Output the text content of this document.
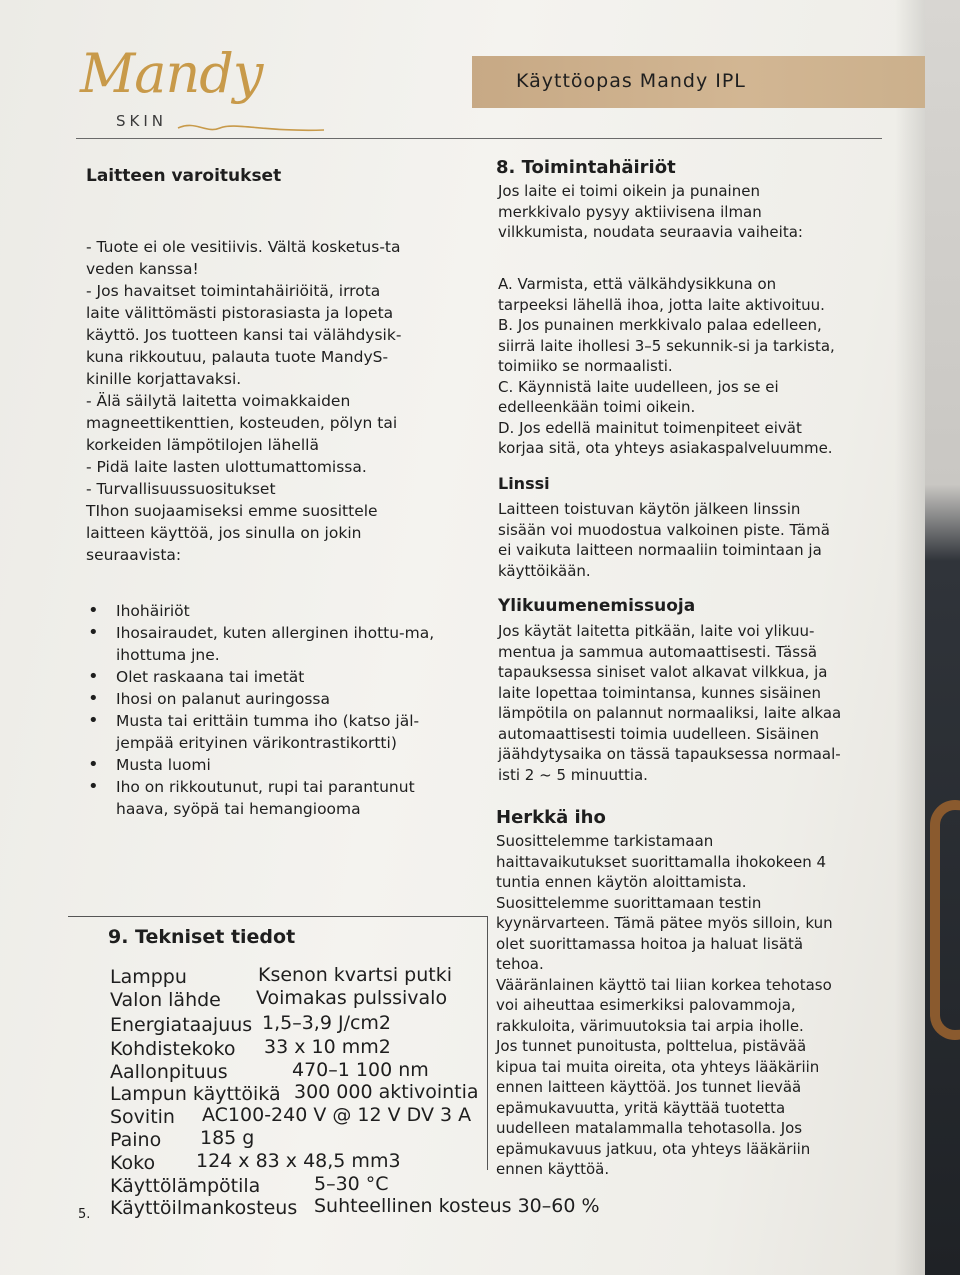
Mandy
SKIN
Käyttöopas Mandy IPL

Laitteen varoitukset

- Tuote ei ole vesitiivis. Vältä kosketus-ta

veden kanssa!

- Jos havaitset toimintahäiriöitä, irrota

laite välittömästi pistorasiasta ja lopeta

käyttö. Jos tuotteen kansi tai välähdysik-

kuna rikkoutuu, palauta tuote MandyS-

kinille korjattavaksi.

- Älä säilytä laitetta voimakkaiden

magneettikenttien, kosteuden, pölyn tai

korkeiden lämpötilojen lähellä

- Pidä laite lasten ulottumattomissa.

- Turvallisuussuositukset

TIhon suojaamiseksi emme suosittele

laitteen käyttöä, jos sinulla on jokin

seuraavista:

• Ihohäiriöt
• Ihosairaudet, kuten allerginen ihottu-ma, ihottuma jne.
• Olet raskaana tai imetät
• Ihosi on palanut auringossa
• Musta tai erittäin tumma iho (katso jäl-jempää erityinen värikontrastikortti)
• Musta luomi
• Iho on rikkoutunut, rupi tai parantunut haava, syöpä tai hemangiooma

8. Toimintahäiriöt

Jos laite ei toimi oikein ja punainen

merkkivalo pysyy aktiivisena ilman

vilkkumista, noudata seuraavia vaiheita:

A. Varmista, että välkähdysikkuna on

tarpeeksi lähellä ihoa, jotta laite aktivoituu.

B. Jos punainen merkkivalo palaa edelleen,

siirrä laite ihollesi 3–5 sekunnik-si ja tarkista,

toimiiko se normaalisti.

C. Käynnistä laite uudelleen, jos se ei

edelleenkään toimi oikein.

D. Jos edellä mainitut toimenpiteet eivät

korjaa sitä, ota yhteys asiakaspalveluumme.

Linssi

Laitteen toistuvan käytön jälkeen linssin

sisään voi muodostua valkoinen piste. Tämä

ei vaikuta laitteen normaaliin toimintaan ja

käyttöikään.

Ylikuumenemissuoja

Jos käytät laitetta pitkään, laite voi ylikuu-

mentua ja sammua automaattisesti. Tässä

tapauksessa siniset valot alkavat vilkkua, ja

laite lopettaa toimintansa, kunnes sisäinen

lämpötila on palannut normaaliksi, laite alkaa

automaattisesti toimia uudelleen. Sisäinen

jäähdytysaika on tässä tapauksessa normaal-

isti 2 ~ 5 minuuttia.

Herkkä iho

Suosittelemme tarkistamaan

haittavaikutukset suorittamalla ihokokeen 4

tuntia ennen käytön aloittamista.

Suosittelemme suorittamaan testin

kyynärvarteen. Tämä pätee myös silloin, kun

olet suorittamassa hoitoa ja haluat lisätä

tehoa.

Vääränlainen käyttö tai liian korkea tehotaso

voi aiheuttaa esimerkiksi palovammoja,

rakkuloita, värimuutoksia tai arpia iholle.

Jos tunnet punoitusta, polttelua, pistävää

kipua tai muita oireita, ota yhteys lääkäriin

ennen laitteen käyttöä. Jos tunnet lievää

epämukavuutta, yritä käyttää tuotetta

uudelleen matalammalla tehotasolla. Jos

epämukavuus jatkuu, ota yhteys lääkäriin

ennen käyttöä.

9. Tekniset tiedot
Lamppu	Ksenon kvartsi putki
Valon lähde Voimakas pulssivalo
Energiataajuus 1,5–3,9 J/cm2
Kohdistekoko 33 x 10 mm2
Aallonpituus	470–1 100 nm
Lampun käyttöikä 300 000 aktivointia
Sovitin AC100-240 V @ 12 V DV 3 A
Paino 185 g
Koko 124 x 83 x 48,5 mm3
Käyttölämpötila	5–30 °C
Käyttöilmankosteus Suhteellinen kosteus 30–60 %
5.
